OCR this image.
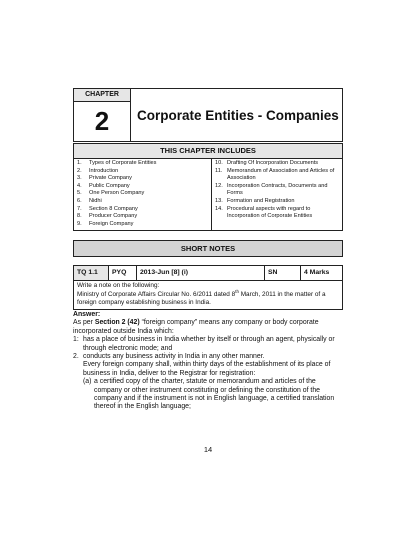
CHAPTER
2	Corporate Entities - Companies
THIS CHAPTER INCLUDES
1.	Types of Corporate Entities
2.	Introduction
3.	Private Company
4.	Public Company
5.	One Person Company
6.	Nidhi
7.	Section 8 Company
8.	Producer Company
9.	Foreign Company
10. Drafting Of Incorporation Documents
11. Memorandum of Association and Articles of Association
12. Incorporation Contracts, Documents and Forms
13. Formation and Registration
14. Procedural aspects with regard to Incorporation of Corporate Entities
SHORT NOTES
TQ 1.1	PYQ	2013-Jun [8] (i)	SN	4 Marks
Write a note on the following:
Ministry of Corporate Affairs Circular No. 6/2011 dated 8th March, 2011 in the matter of a foreign company establishing business in India.
Answer:
As per Section 2 (42) “foreign company” means any company or body corporate incorporated outside India which:
1: has a place of business in India whether by itself or through an agent, physically or through electronic mode; and
2. conducts any business activity in India in any other manner.
Every foreign company shall, within thirty days of the establishment of its place of business in India, deliver to the Registrar for registration:
(a) a certified copy of the charter, statute or memorandum and articles of the company or other instrument constituting or defining the constitution of the company and if the instrument is not in English language, a certified translation thereof in the English language;
14
